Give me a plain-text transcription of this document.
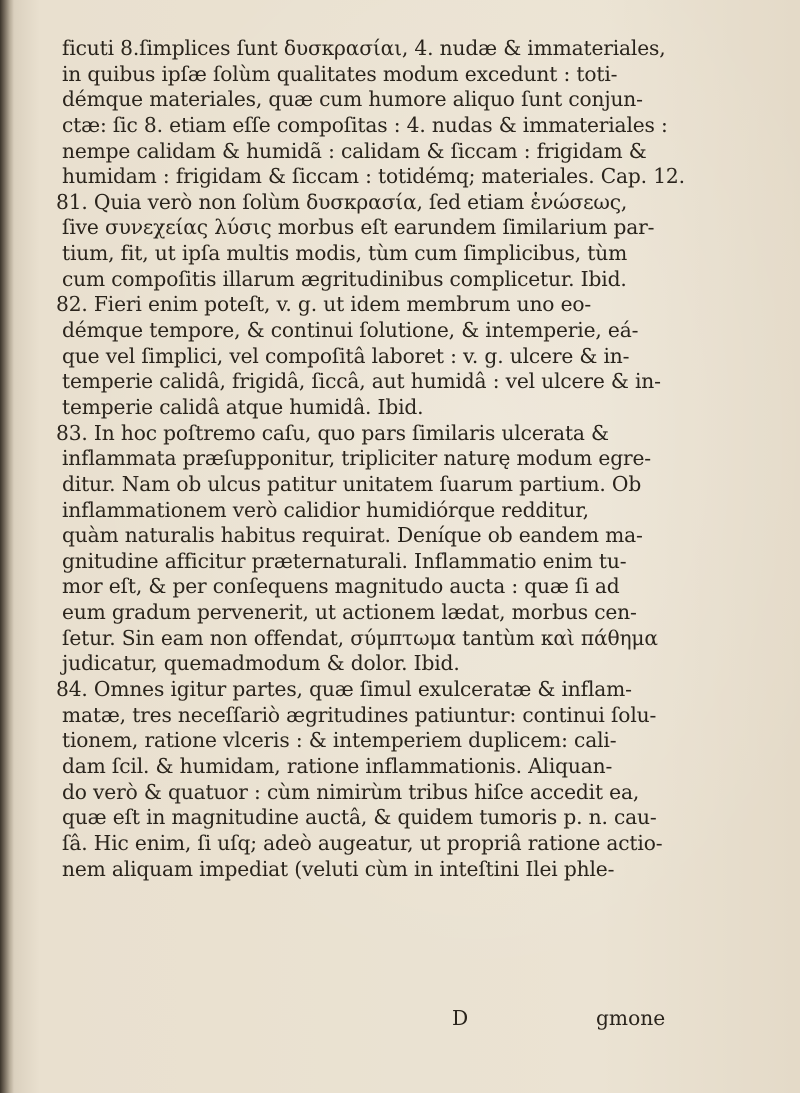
ficuti 8.ſimplices ſunt δυσκρασίαι, 4. nudæ & immateriales,
in quibus ipſæ ſolùm qualitates modum excedunt : toti-
démque materiales, quæ cum humore aliquo ſunt conjun-
ctæ: ſic 8. etiam eſſe compoſitas : 4. nudas & immateriales :
nempe calidam & humidã : calidam & ſiccam : frigidam &
humidam : frigidam & ſiccam : totidémq; materiales. Cap. 12.
81. Quia verò non ſolùm δυσκρασία, ſed etiam ἑνώσεως,
ſive συνεχείας λύσις morbus eſt earundem ſimilarium par-
tium, fit, ut ipſa multis modis, tùm cum ſimplicibus, tùm
cum compoſitis illarum ægritudinibus complicetur. Ibid.
82. Fieri enim poteſt, v. g. ut idem membrum uno eo-
démque tempore, & continui ſolutione, & intemperie, eá-
que vel ſimplici, vel compoſitâ laboret : v. g. ulcere & in-
temperie calidâ, frigidâ, ſiccâ, aut humidâ : vel ulcere & in-
temperie calidâ atque humidâ. Ibid.
83. In hoc poſtremo caſu, quo pars ſimilaris ulcerata &
inflammata præſupponitur, tripliciter naturę modum egre-
ditur. Nam ob ulcus patitur unitatem ſuarum partium. Ob
inflammationem verò calidior humidiórque redditur,
quàm naturalis habitus requirat. Deníque ob eandem ma-
gnitudine afficitur præternaturali. Inflammatio enim tu-
mor eſt, & per conſequens magnitudo aucta : quæ ſi ad
eum gradum pervenerit, ut actionem lædat, morbus cen-
ſetur. Sin eam non offendat, σύμπτωμα tantùm καὶ πάθημα
judicatur, quemadmodum & dolor. Ibid.
84. Omnes igitur partes, quæ ſimul exulceratæ & inflam-
matæ, tres neceſſariò ægritudines patiuntur: continui ſolu-
tionem, ratione vlceris : & intemperiem duplicem: cali-
dam ſcil. & humidam, ratione inflammationis. Aliquan-
do verò & quatuor : cùm nimirùm tribus hiſce accedit ea,
quæ eſt in magnitudine auctâ, & quidem tumoris p. n. cau-
ſâ. Hic enim, ſi uſq; adeò augeatur, ut propriâ ratione actio-
nem aliquam impediat (veluti cùm in inteſtini Ilei phle-
D	gmone
